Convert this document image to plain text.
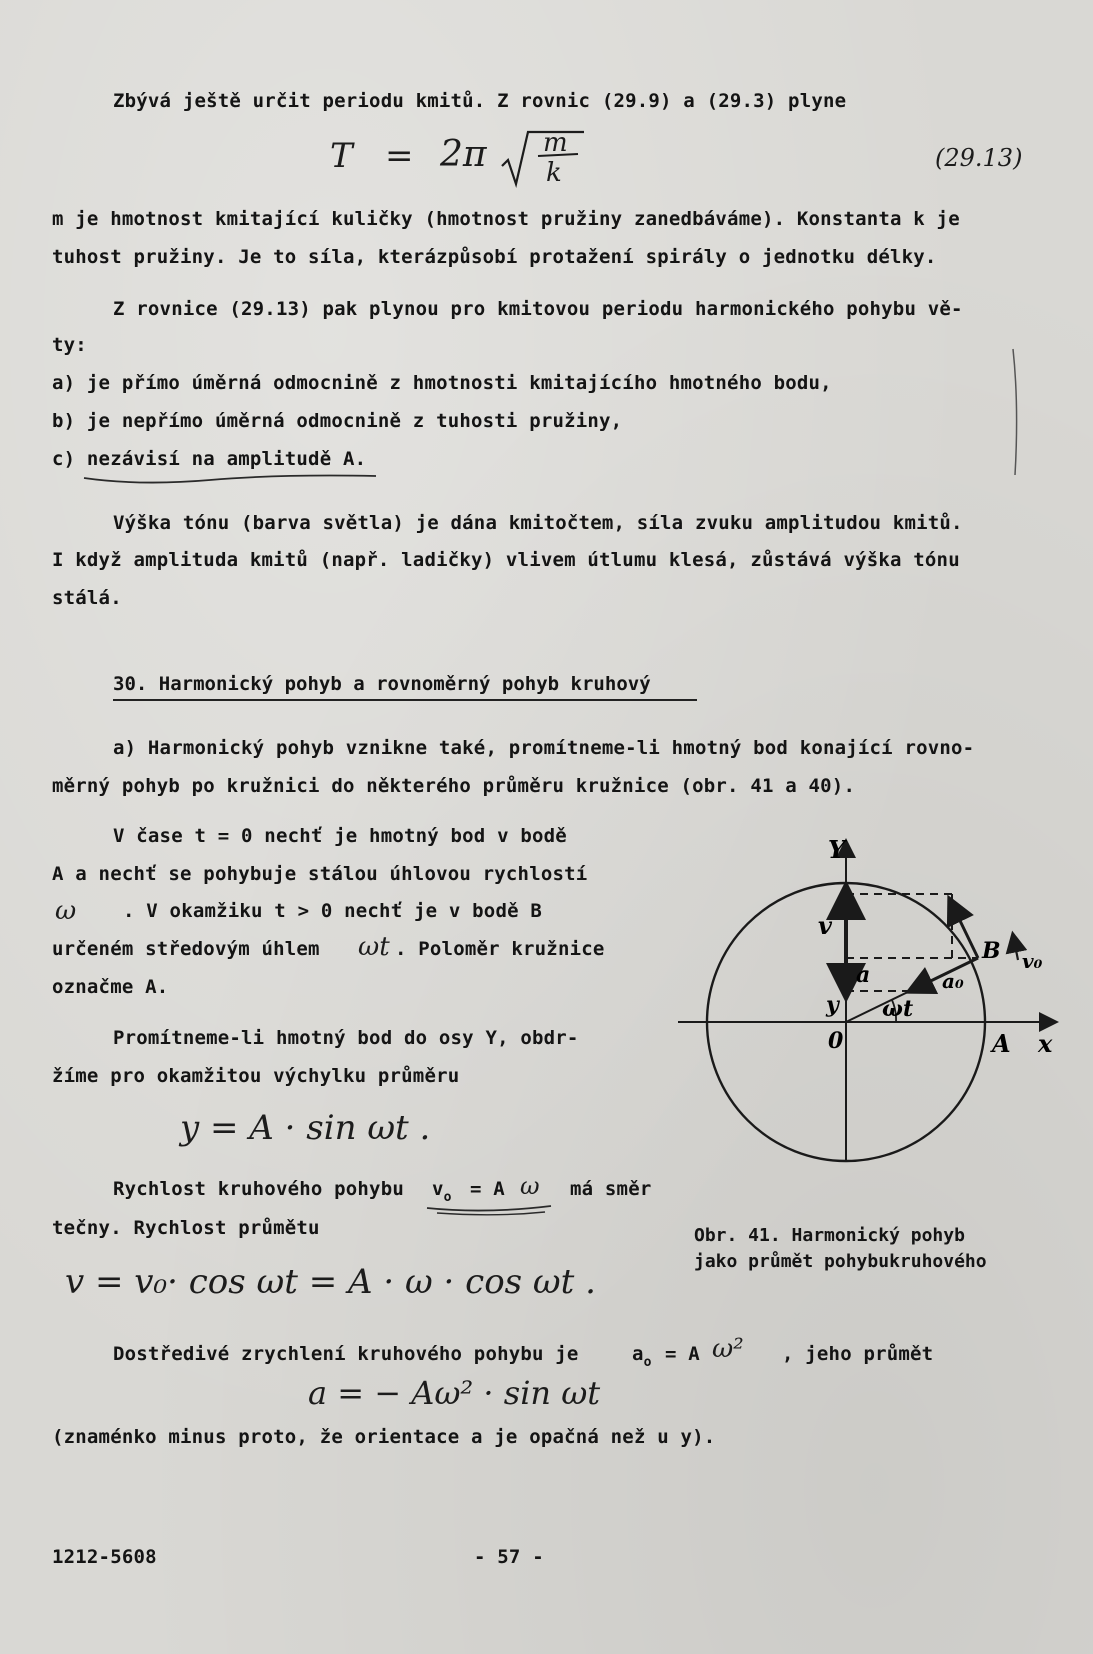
Zbývá ještě určit periodu kmitů. Z rovnic (29.9) a (29.3) plyne
T = 2π m
k	(29.13)
m je hmotnost kmitající kuličky (hmotnost pružiny zanedbáváme). Konstanta k je
tuhost pružiny. Je to síla, kterázpůsobí protažení spirály o jednotku délky.
Z rovnice (29.13) pak plynou pro kmitovou periodu harmonického pohybu vě-
ty:
a) je přímo úměrná odmocnině z hmotnosti kmitajícího hmotného bodu,
b) je nepřímo úměrná odmocnině z tuhosti pružiny,
c) nezávisí na amplitudě A.
Výška tónu (barva světla) je dána kmitočtem, síla zvuku amplitudou kmitů.
I když amplituda kmitů (např. ladičky) vlivem útlumu klesá, zůstává výška tónu
stálá.
30. Harmonický pohyb a rovnoměrný pohyb kruhový
a) Harmonický pohyb vznikne také, promítneme-li hmotný bod konající rovno-
měrný pohyb po kružnici do některého průměru kružnice (obr. 41 a 40).
V čase t = 0 nechť je hmotný bod v bodě
A a nechť se pohybuje stálou úhlovou rychlostí
ω . V okamžiku t > 0 nechť je v bodě B
určeném středovým úhlem ωt . Poloměr kružnice
označme A.
Promítneme-li hmotný bod do osy Y, obdr-
žíme pro okamžitou výchylku průměru
y = A · sin ωt .
Rychlost kruhového pohybu $v_o = A$ ω má směr
tečny. Rychlost průmětu
v = v₀· cos ωt = A · ω · cos ωt .
Dostředivé zrychlení kruhového pohybu je	$a_o = A$ ω² , jeho průmět
a = − Aω² · sin ωt
(znaménko minus proto, že orientace a je opačná než u y).
Y
x
0	A
B
v
a
y
a₀
ωt
v₀
Obr. 41. Harmonický pohyb
jako průmět pohybukruhového
1212-5608	- 57 -
